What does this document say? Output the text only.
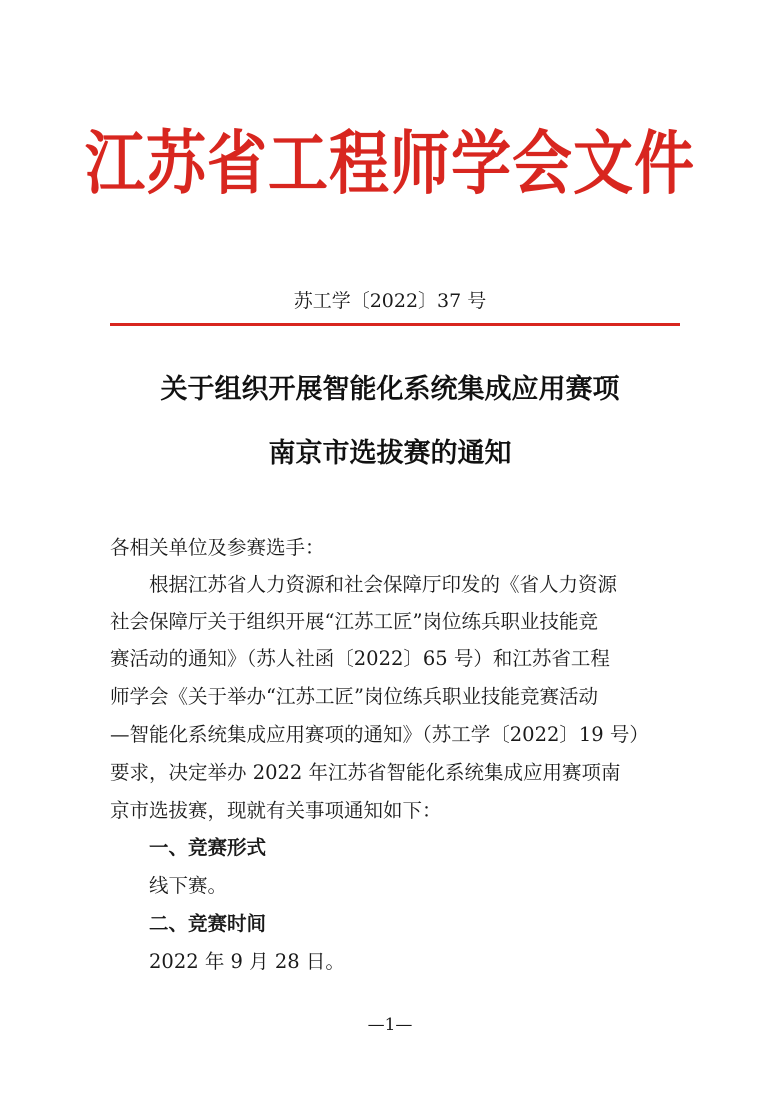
江苏省工程师学会文件
苏工学〔2022〕37 号
关于组织开展智能化系统集成应用赛项
南京市选拔赛的通知
各相关单位及参赛选手：
根据江苏省人力资源和社会保障厅印发的《省人力资源
社会保障厅关于组织开展“江苏工匠”岗位练兵职业技能竞
赛活动的通知》（苏人社函〔2022〕65 号）和江苏省工程
师学会《关于举办“江苏工匠”岗位练兵职业技能竞赛活动
—智能化系统集成应用赛项的通知》（苏工学〔2022〕19 号）
要求，决定举办 2022 年江苏省智能化系统集成应用赛项南
京市选拔赛，现就有关事项通知如下：
一、竞赛形式
线下赛。
二、竞赛时间
2022 年 9 月 28 日。
—1—
